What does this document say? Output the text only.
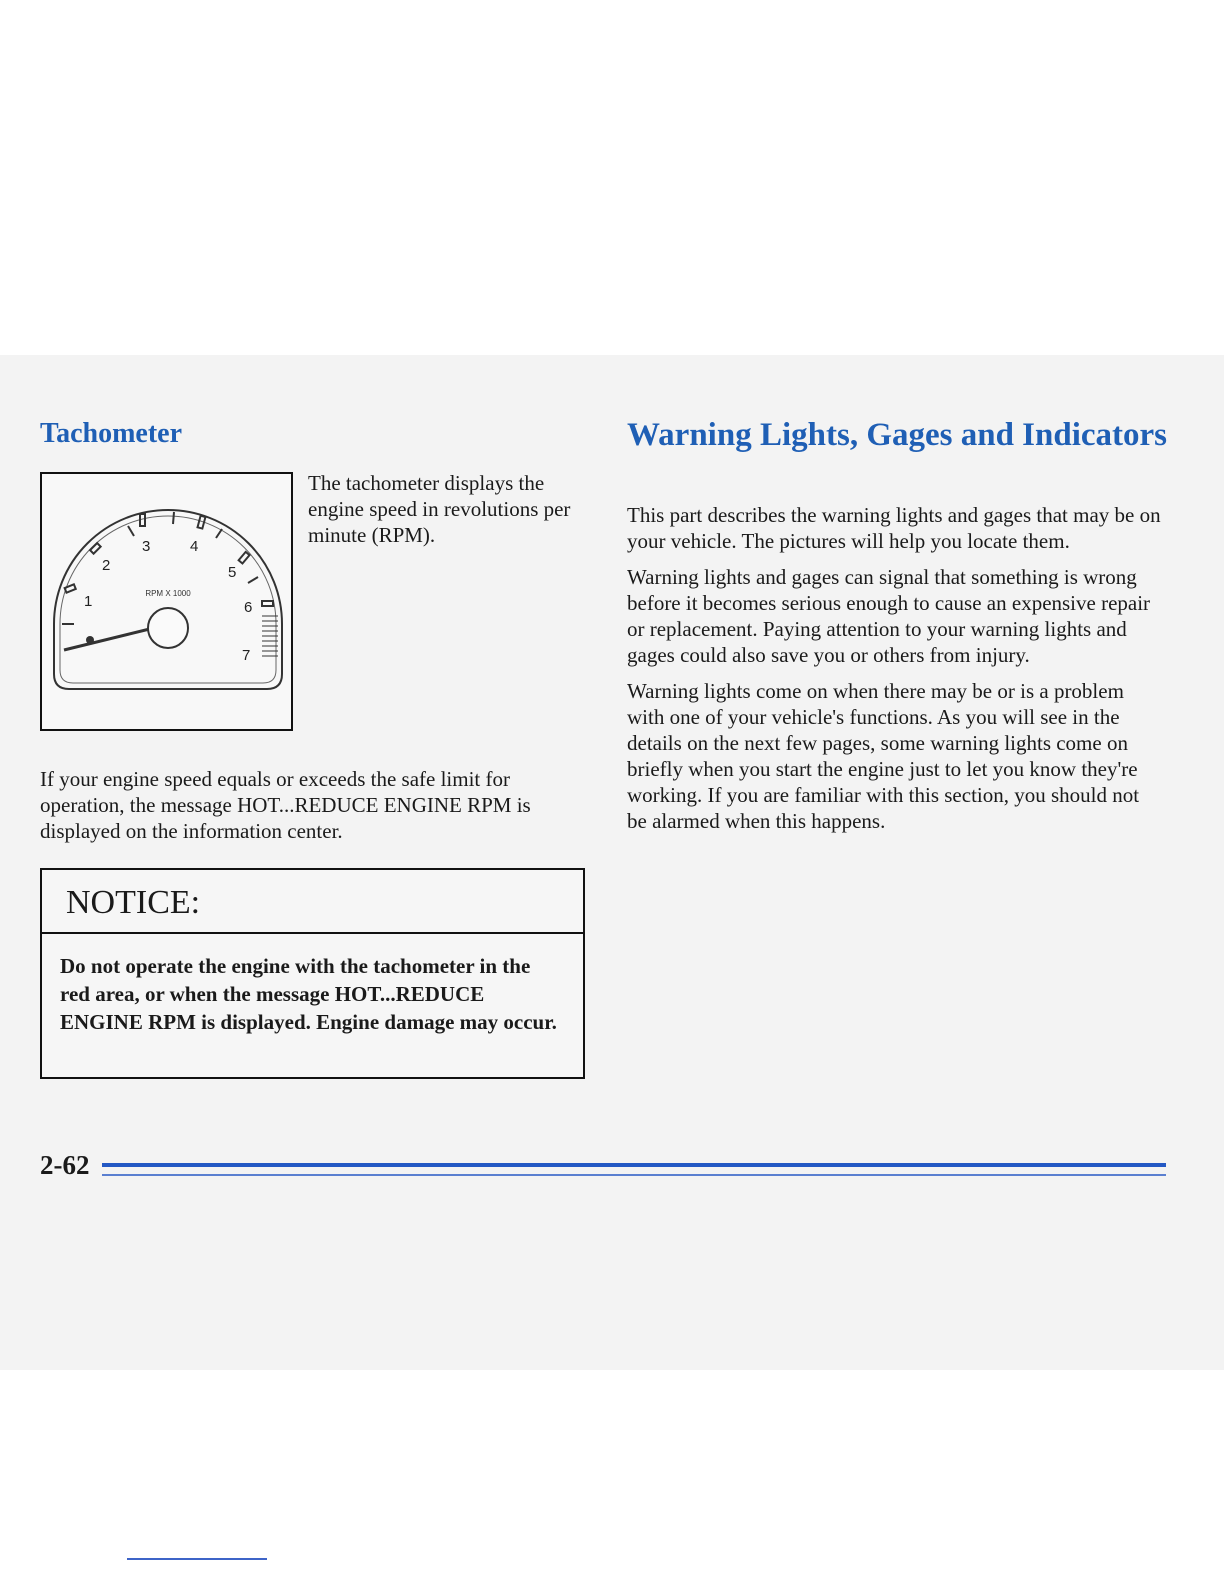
Tachometer
1
2
3	4
5
6
7
RPM X 1000

The tachometer displays the engine speed in revolutions per minute (RPM).

If your engine speed equals or exceeds the safe limit for operation, the message HOT...REDUCE ENGINE RPM is displayed on the information center.

NOTICE:
Do not operate the engine with the tachometer in the red area, or when the message HOT...REDUCE ENGINE RPM is displayed. Engine damage may occur.
Warning Lights, Gages and Indicators

This part describes the warning lights and gages that may be on your vehicle. The pictures will help you locate them.

Warning lights and gages can signal that something is wrong before it becomes serious enough to cause an expensive repair or replacement. Paying attention to your warning lights and gages could also save you or others from injury.

Warning lights come on when there may be or is a problem with one of your vehicle's functions. As you will see in the details on the next few pages, some warning lights come on briefly when you start the engine just to let you know they're working. If you are familiar with this section, you should not be alarmed when this happens.

2-62
